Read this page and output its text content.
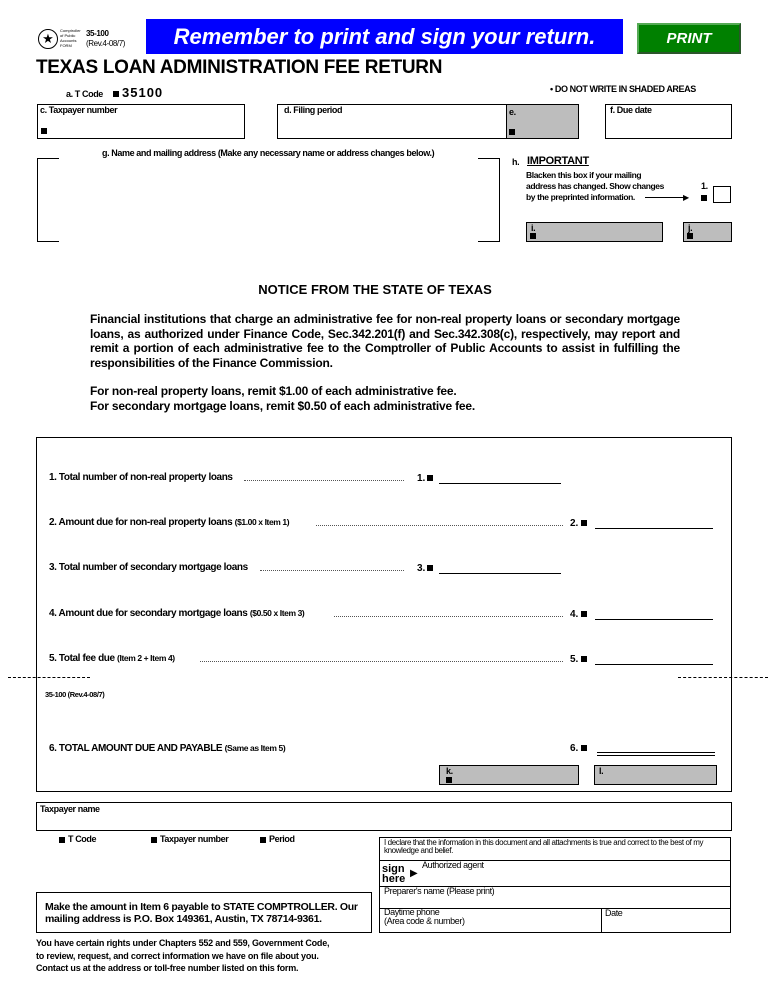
★
Comptroller of Public Accounts FORM
35-100
(Rev.4-08/7)	Remember to print and sign your return.	PRINT
TEXAS LOAN ADMINISTRATION FEE RETURN
• DO NOT WRITE IN SHADED AREAS
a. T Code	35100
c. Taxpayer number	d. Filing period	e.	f. Due date
g. Name and mailing address (Make any necessary name or address changes below.)
h. IMPORTANT
Blacken this box if your mailing
address has changed. Show changes
by the preprinted information.	▶
1.
i.	j.
NOTICE FROM THE STATE OF TEXAS

Financial institutions that charge an administrative fee for non-real property loans or secondary mortgage loans, as authorized under Finance Code, Sec.342.201(f) and Sec.342.308(c), respectively, may report and remit a portion of each administrative fee to the Comptroller of Public Accounts to assist in fulfilling the responsibilities of the Finance Commission.

For non-real property loans, remit $1.00 of each administrative fee.

For secondary mortgage loans, remit $0.50 of each administrative fee.

1. Total number of non-real property loans	1.
2. Amount due for non-real property loans ($1.00 x Item 1)	2.
3. Total number of secondary mortgage loans	3.
4. Amount due for secondary mortgage loans ($0.50 x Item 3)	4.
5. Total fee due (Item 2 + Item 4)	5.
35-100 (Rev.4-08/7)
6. TOTAL AMOUNT DUE AND PAYABLE (Same as Item 5)	6.
k.	l.
Taxpayer name
T Code	Taxpayer number	Period	I declare that the information in this document and all attachments is true and correct to the best of my knowledge and belief.
sign
here ▶
Authorized agent
Preparer's name (Please print)
Daytime phone
(Area code & number)
Date
Make the amount in Item 6 payable to STATE COMPTROLLER. Our mailing address is P.O. Box 149361, Austin, TX 78714-9361.
You have certain rights under Chapters 552 and 559, Government Code,
to review, request, and correct information we have on file about you.
Contact us at the address or toll-free number listed on this form.
